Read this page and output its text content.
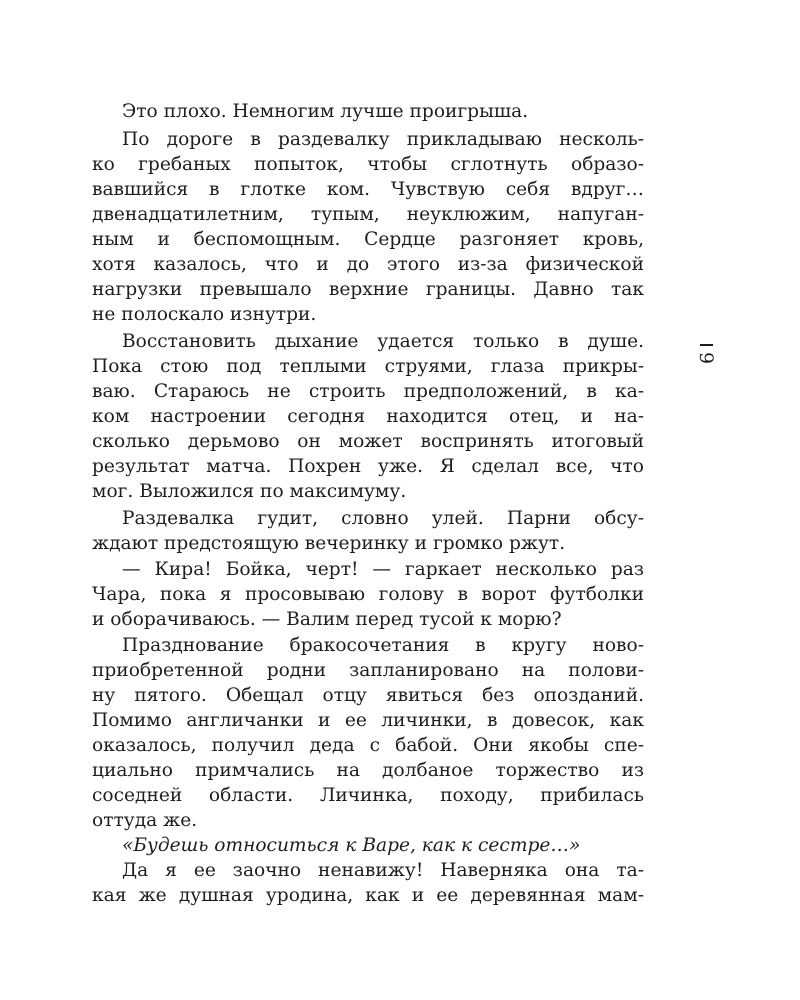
Это плохо. Немногим лучше проигрыша.
По дороге в раздевалку прикладываю несколь-
ко гребаных попыток, чтобы сглотнуть образо-
вавшийся в глотке ком. Чувствую себя вдруг…
двенадцатилетним, тупым, неуклюжим, напуган-
ным и беспомощным. Сердце разгоняет кровь,
хотя казалось, что и до этого из-за физической
нагрузки превышало верхние границы. Давно так
не полоскало изнутри.
Восстановить дыхание удается только в душе.
Пока стою под теплыми струями, глаза прикры-
ваю. Стараюсь не строить предположений, в ка-
ком настроении сегодня находится отец, и на-
сколько дерьмово он может воспринять итоговый
результат матча. Похрен уже. Я сделал все, что
мог. Выложился по максимуму.
Раздевалка гудит, словно улей. Парни обсу-
ждают предстоящую вечеринку и громко ржут.
— Кира! Бойка, черт! — гаркает несколько раз
Чара, пока я просовываю голову в ворот футболки
и оборачиваюсь. — Валим перед тусой к морю?
Празднование бракосочетания в кругу ново-
приобретенной родни запланировано на полови-
ну пятого. Обещал отцу явиться без опозданий.
Помимо англичанки и ее личинки, в довесок, как
оказалось, получил деда с бабой. Они якобы спе-
циально примчались на долбаное торжество из
соседней области. Личинка, походу, прибилась
оттуда же.
«Будешь относиться к Варе, как к сестре…»
Да я ее заочно ненавижу! Наверняка она та-
кая же душная уродина, как и ее деревянная мам-
9
